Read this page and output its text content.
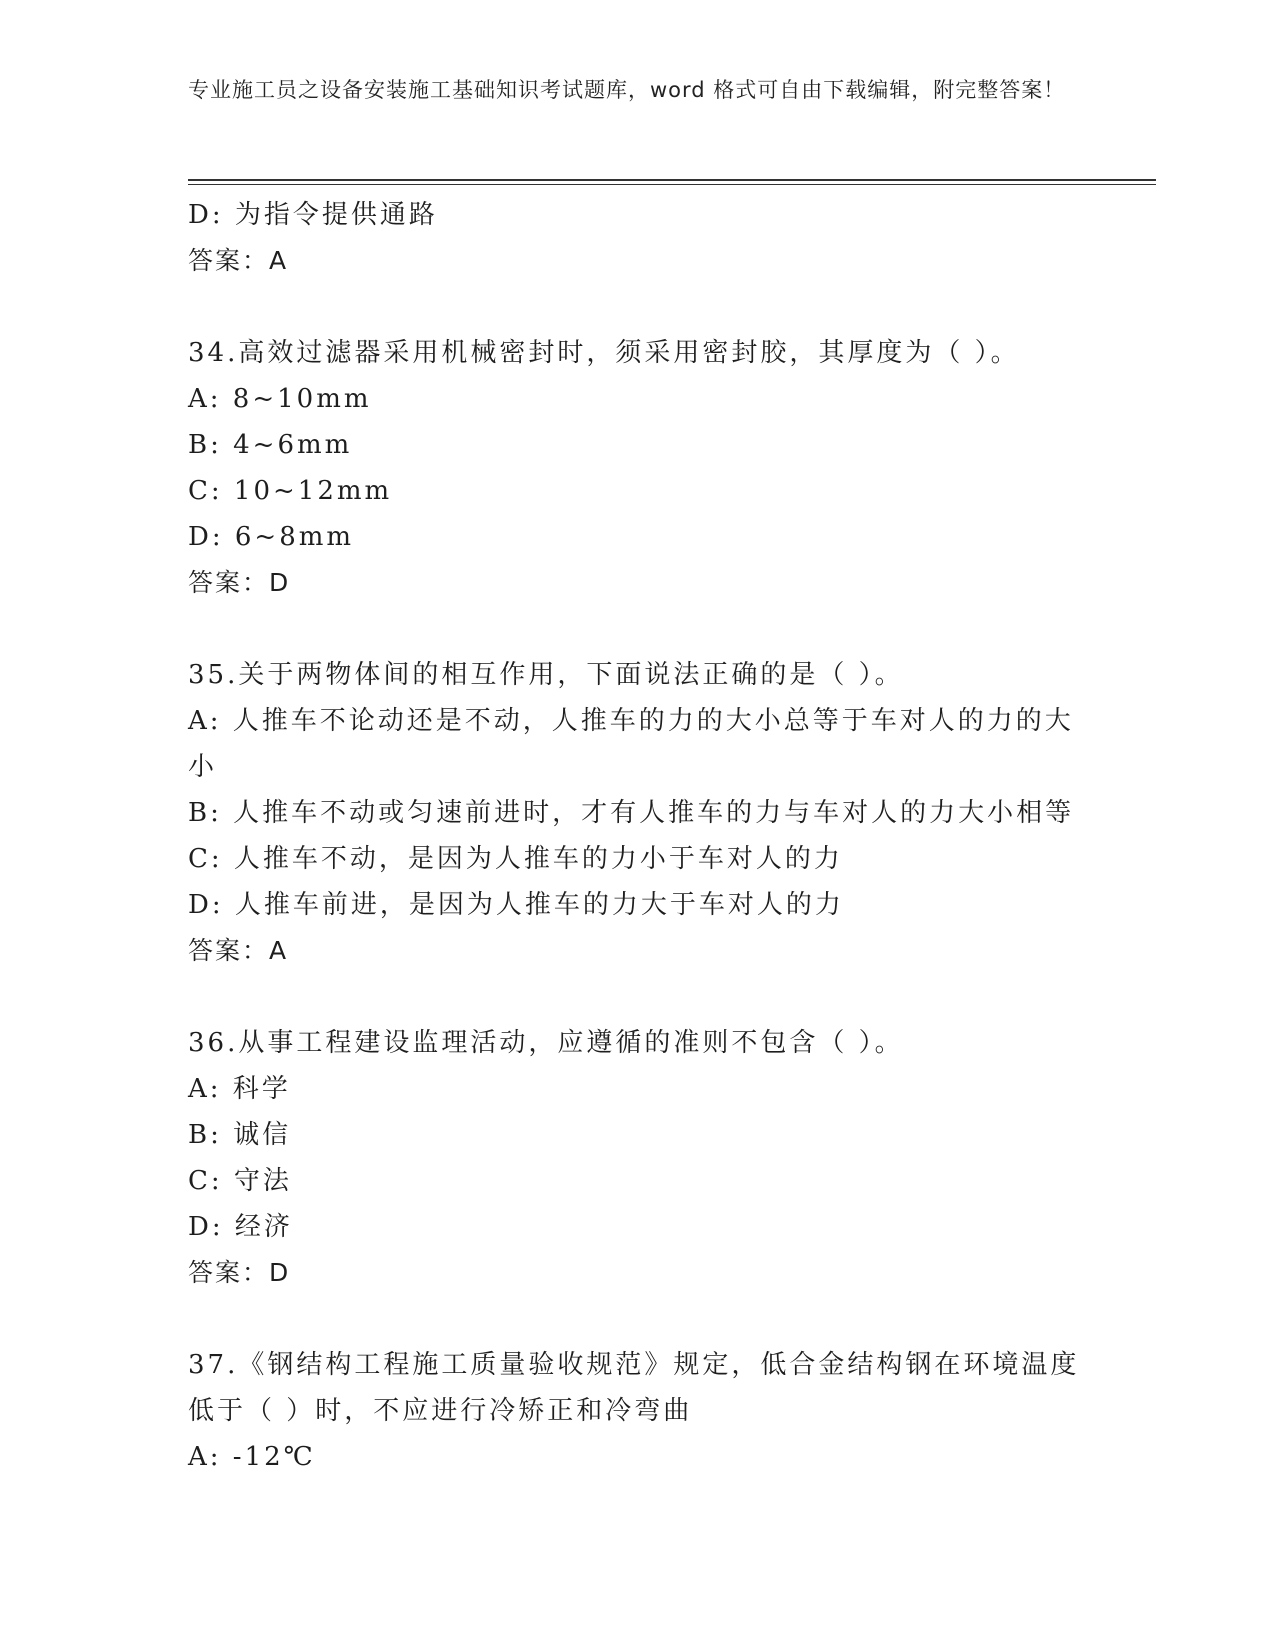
专业施工员之设备安装施工基础知识考试题库，word 格式可自由下载编辑，附完整答案！
D: 为指令提供通路
答案：A
34.高效过滤器采用机械密封时，须采用密封胶，其厚度为（ ）。
A: 8~10mm
B: 4~6mm
C: 10~12mm
D: 6~8mm
答案：D
35.关于两物体间的相互作用，下面说法正确的是（ ）。
A: 人推车不论动还是不动，人推车的力的大小总等于车对人的力的大小
B: 人推车不动或匀速前进时，才有人推车的力与车对人的力大小相等
C: 人推车不动，是因为人推车的力小于车对人的力
D: 人推车前进，是因为人推车的力大于车对人的力
答案：A
36.从事工程建设监理活动，应遵循的准则不包含（ ）。
A: 科学
B: 诚信
C: 守法
D: 经济
答案：D
37.《钢结构工程施工质量验收规范》规定，低合金结构钢在环境温度低于（ ）时，不应进行冷矫正和冷弯曲
A: -12℃
